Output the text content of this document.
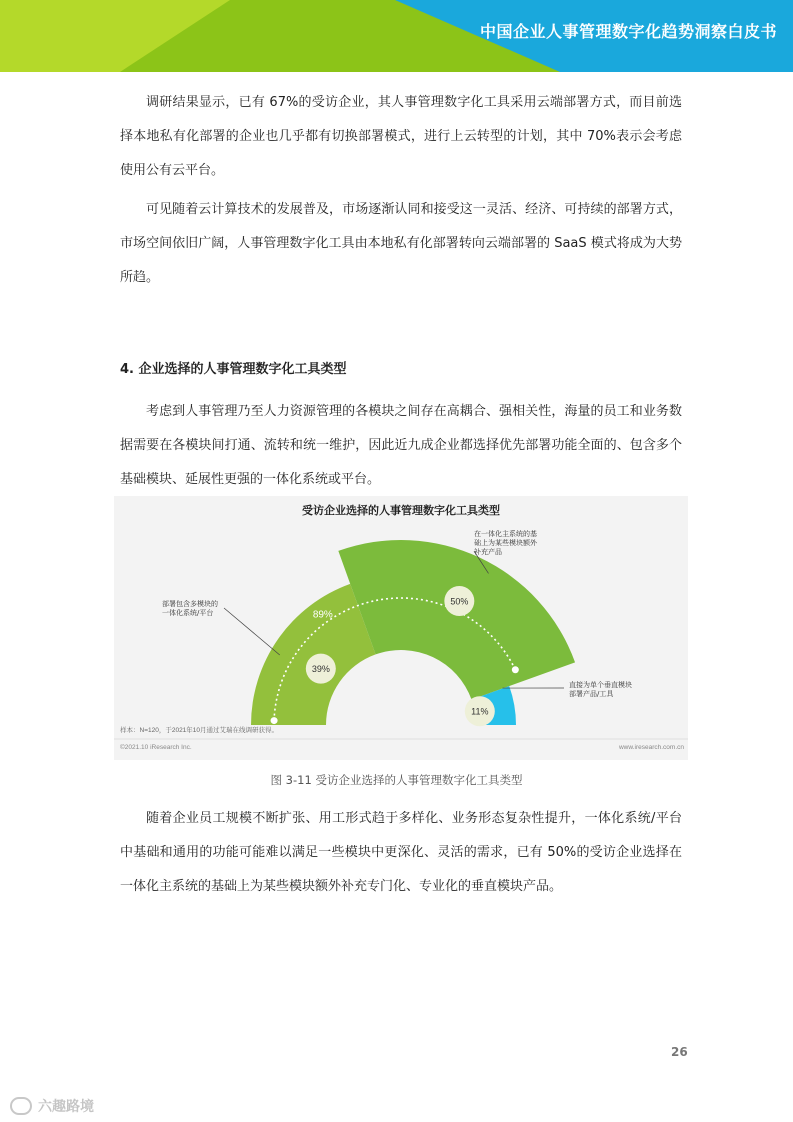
中国企业人事管理数字化趋势洞察白皮书

调研结果显示，已有 67%的受访企业，其人事管理数字化工具采用云端部署方式，而目前选择本地私有化部署的企业也几乎都有切换部署模式，进行上云转型的计划，其中 70%表示会考虑使用公有云平台。

可见随着云计算技术的发展普及，市场逐渐认同和接受这一灵活、经济、可持续的部署方式，市场空间依旧广阔，人事管理数字化工具由本地私有化部署转向云端部署的 SaaS 模式将成为大势所趋。

4. 企业选择的人事管理数字化工具类型

考虑到人事管理乃至人力资源管理的各模块之间存在高耦合、强相关性，海量的员工和业务数据需要在各模块间打通、流转和统一维护，因此近九成企业都选择优先部署功能全面的、包含多个基础模块、延展性更强的一体化系统或平台。

89%
39%
50%
11%
部署包含多模块的一体化系统/平台
在一体化主系统的基础上为某些模块额外补充产品
直接为单个垂直模块部署产品/工具
受访企业选择的人事管理数字化工具类型
样本：N=120，于2021年10月通过艾瑞在线调研获得。
©2021.10 iResearch Inc.	www.iresearch.com.cn
图 3-11 受访企业选择的人事管理数字化工具类型

随着企业员工规模不断扩张、用工形式趋于多样化、业务形态复杂性提升，一体化系统/平台中基础和通用的功能可能难以满足一些模块中更深化、灵活的需求，已有 50%的受访企业选择在一体化主系统的基础上为某些模块额外补充专门化、专业化的垂直模块产品。

26
六趣路境
